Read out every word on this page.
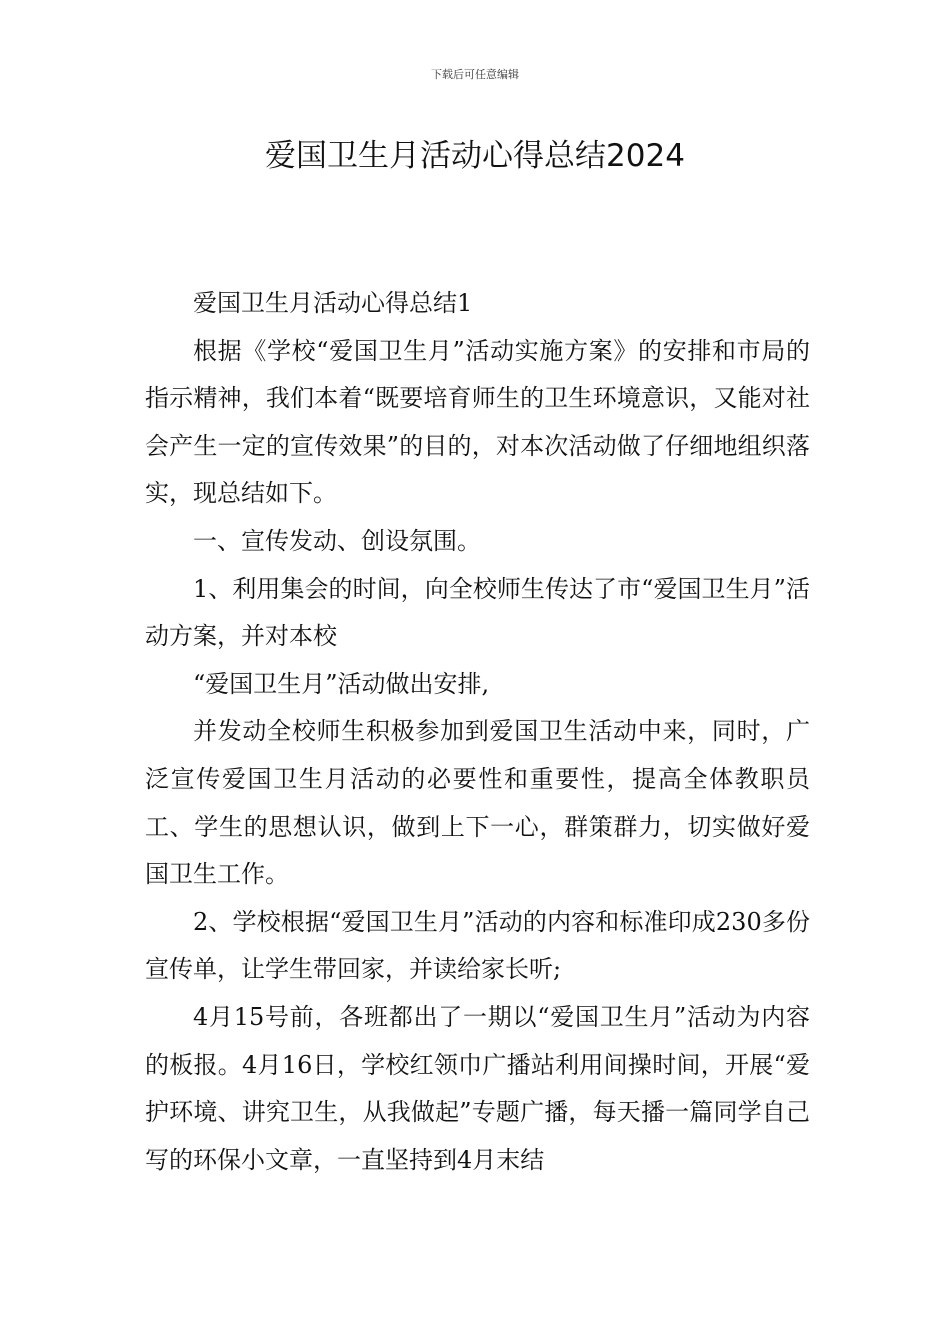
下载后可任意编辑
爱国卫生月活动心得总结2024

爱国卫生月活动心得总结1

根据《学校“爱国卫生月”活动实施方案》的安排和市局的指示精神，我们本着“既要培育师生的卫生环境意识，又能对社会产生一定的宣传效果”的目的，对本次活动做了仔细地组织落实，现总结如下。

一、宣传发动、创设氛围。

1、利用集会的时间，向全校师生传达了市“爱国卫生月”活动方案，并对本校

“爱国卫生月”活动做出安排,

并发动全校师生积极参加到爱国卫生活动中来，同时，广泛宣传爱国卫生月活动的必要性和重要性，提高全体教职员工、学生的思想认识，做到上下一心，群策群力，切实做好爱国卫生工作。

2、学校根据“爱国卫生月”活动的内容和标准印成230多份宣传单，让学生带回家，并读给家长听;

4月15号前，各班都出了一期以“爱国卫生月”活动为内容的板报。4月16日，学校红领巾广播站利用间操时间，开展“爱护环境、讲究卫生，从我做起”专题广播，每天播一篇同学自己写的环保小文章，一直坚持到4月末结
